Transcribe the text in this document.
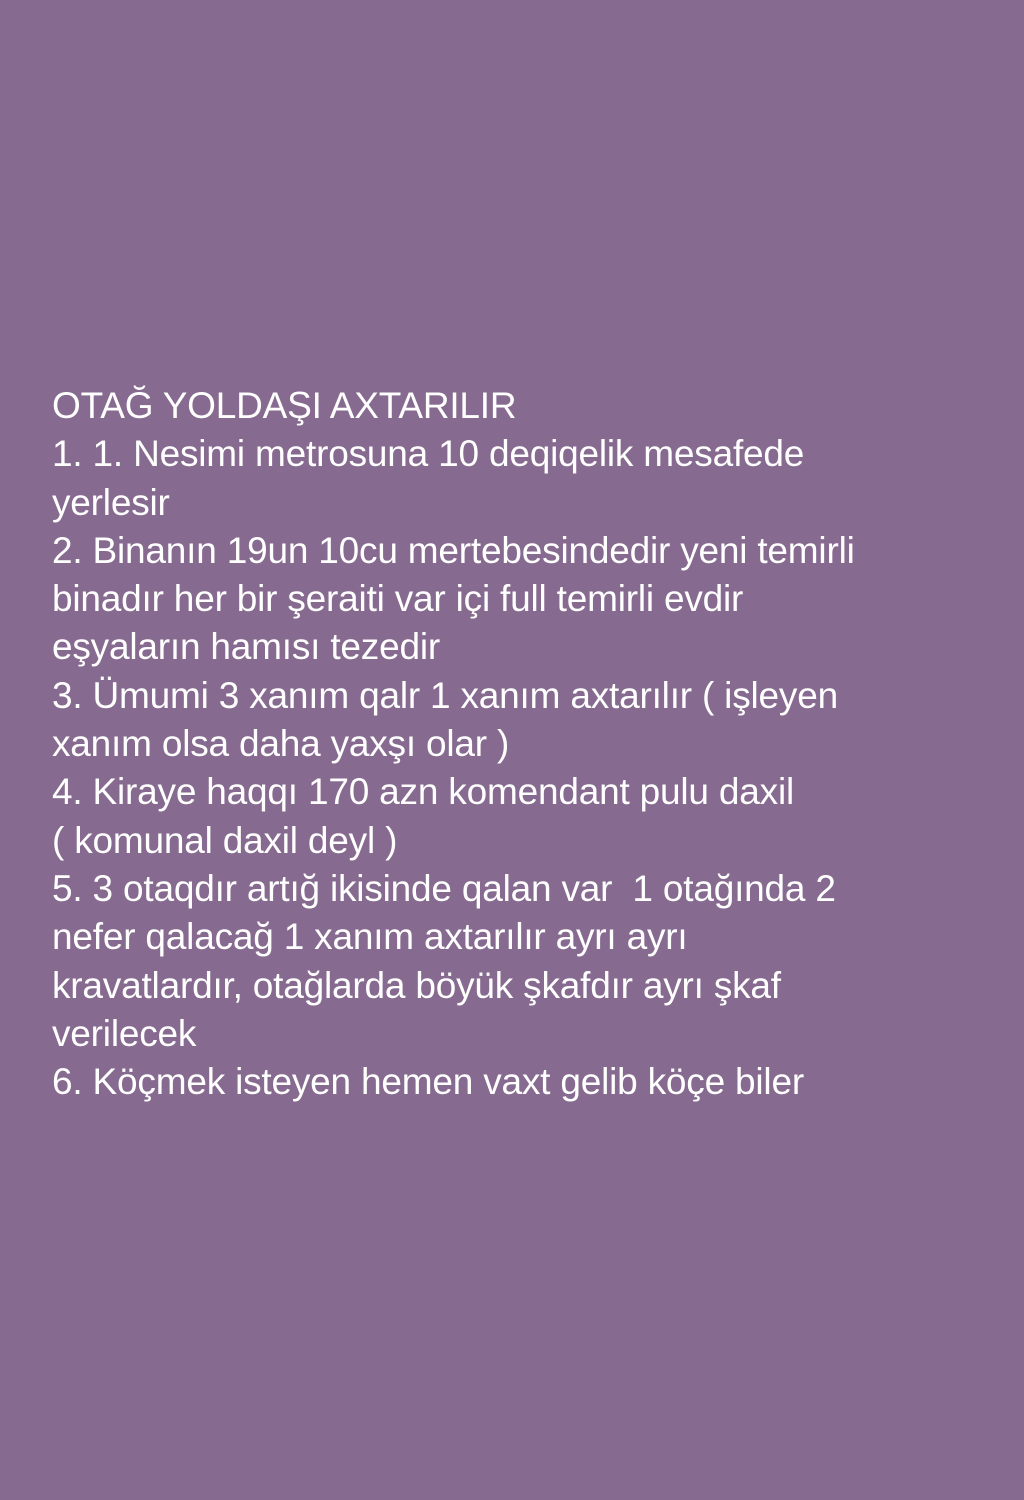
OTAĞ YOLDAŞI AXTARILIR
1. 1. Nesimi metrosuna 10 deqiqelik mesafede
yerlesir
2. Binanın 19un 10cu mertebesindedir yeni temirli
binadır her bir şeraiti var içi full temirli evdir
eşyaların hamısı tezedir
3. Ümumi 3 xanım qalr 1 xanım axtarılır ( işleyen
xanım olsa daha yaxşı olar )
4. Kiraye haqqı 170 azn komendant pulu daxil
( komunal daxil deyl )
5. 3 otaqdır artığ ikisinde qalan var  1 otağında 2
nefer qalacağ 1 xanım axtarılır ayrı ayrı
kravatlardır, otağlarda böyük şkafdır ayrı şkaf
verilecek
6. Köçmek isteyen hemen vaxt gelib köçe biler
